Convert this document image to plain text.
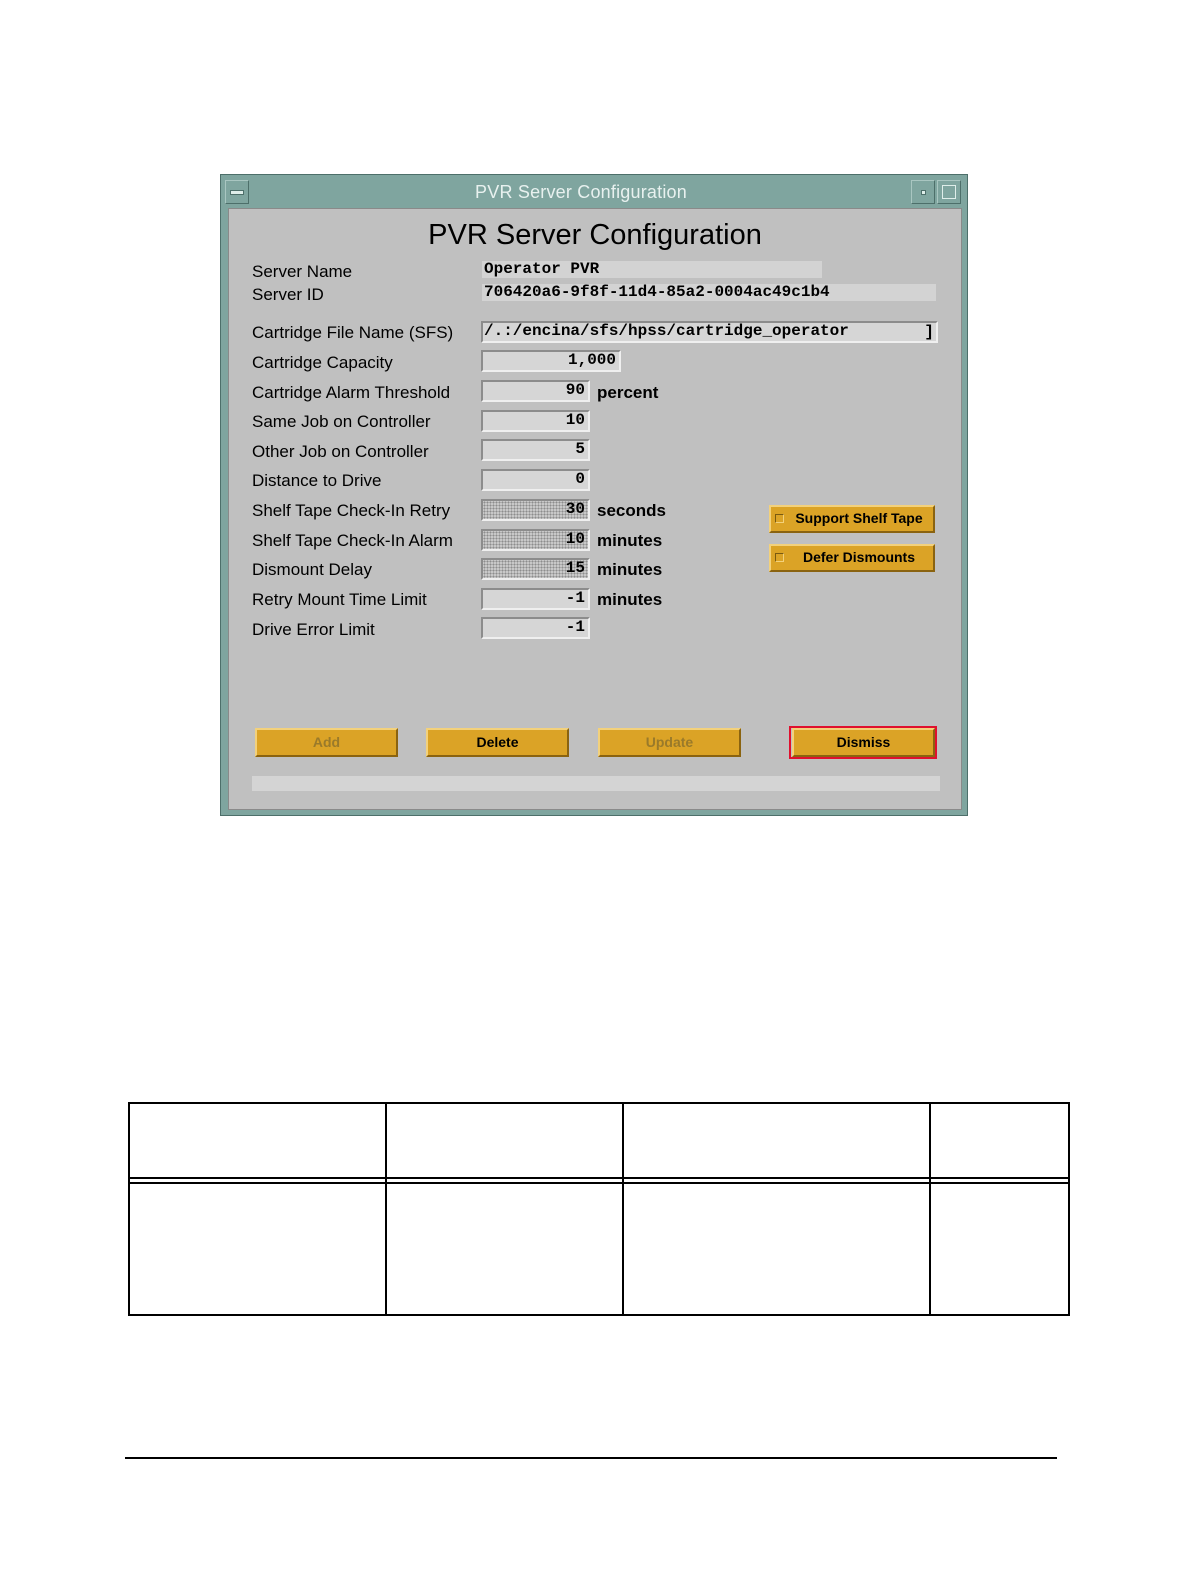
PVR Server Configuration
PVR Server Configuration
Server Name	Operator PVR
Server ID	706420a6-9f8f-11d4-85a2-0004ac49c1b4
Cartridge File Name (SFS) /.:/encina/sfs/hpss/cartridge_operator	]
Cartridge Capacity	1,000
Cartridge Alarm Threshold	90 percent
Same Job on Controller	10
Other Job on Controller	5
Distance to Drive	0
Shelf Tape Check-In Retry	30 seconds
Shelf Tape Check-In Alarm	10 minutes
Dismount Delay	15 minutes
Retry Mount Time Limit	-1 minutes
Drive Error Limit	-1
Support Shelf Tape
Defer Dismounts
Add	Delete	Update	Dismiss
